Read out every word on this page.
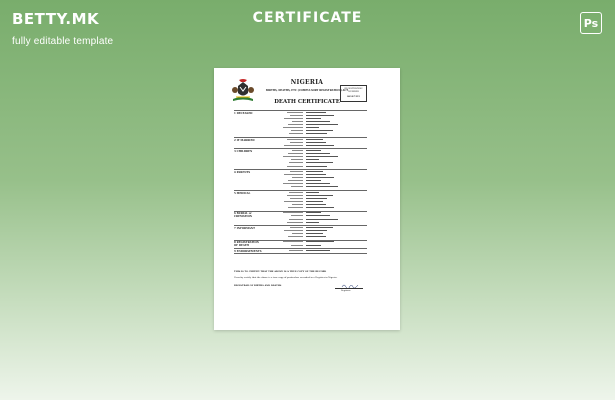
BETTY.MK
fully editable template
CERTIFICATE	Ps
NIGERIA
BIRTHS, DEATHS, ETC (COMPULSORY REGISTRATION) ACT
REGISTRATION NUMBER
2034/7435
DEATH CERTIFICATE
1 DECEASED
2 IF MARRIED
3 CHILDREN
4 PARENTS
5 MEDICAL
6 BURIAL or CREMATION
7 INFORMANT
8 REGISTRATION OF DEATH
9 ENDORSEMENTS
THIS IS TO CERTIFY THAT THE ABOVE IS A TRUE COPY OF THE RECORD
I hereby certify that the above is a true copy of particulars recorded in a Register in Nigeria.
REGISTRAR OF BIRTHS AND DEATHS
Registrar
